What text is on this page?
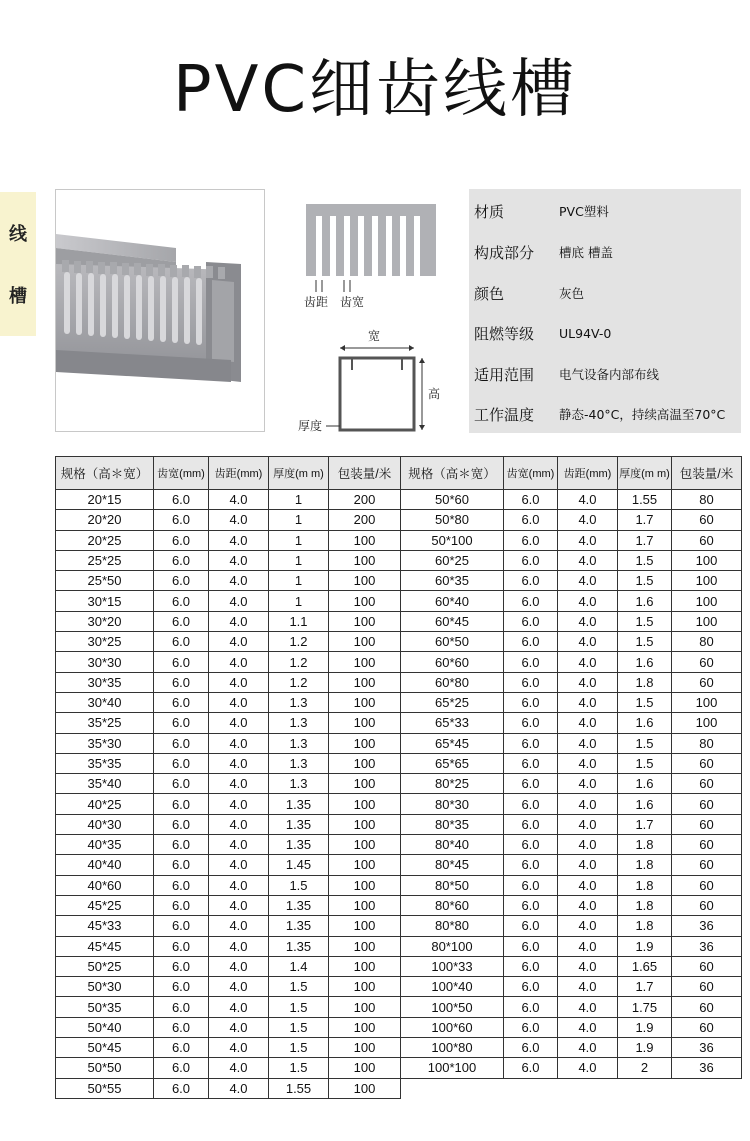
PVC细齿线槽
线
槽	齿距 齿宽
宽
高
厚度
材质	PVC塑料
构成部分	槽底 槽盖
颜色	灰色
阻燃等级	UL94V-0
适用范围	电气设备内部布线
工作温度	静态-40°C，持续高温至70°C
规格（高＊宽）	齿宽(mm)	齿距(mm)	厚度(m m)	包装量/米	规格（高＊宽）	齿宽(mm)	齿距(mm)	厚度(m m)	包装量/米
20*15	6.0	4.0	1	200	50*60	6.0	4.0	1.55	80
20*20	6.0	4.0	1	200	50*80	6.0	4.0	1.7	60
20*25	6.0	4.0	1	100	50*100	6.0	4.0	1.7	60
25*25	6.0	4.0	1	100	60*25	6.0	4.0	1.5	100
25*50	6.0	4.0	1	100	60*35	6.0	4.0	1.5	100
30*15	6.0	4.0	1	100	60*40	6.0	4.0	1.6	100
30*20	6.0	4.0	1.1	100	60*45	6.0	4.0	1.5	100
30*25	6.0	4.0	1.2	100	60*50	6.0	4.0	1.5	80
30*30	6.0	4.0	1.2	100	60*60	6.0	4.0	1.6	60
30*35	6.0	4.0	1.2	100	60*80	6.0	4.0	1.8	60
30*40	6.0	4.0	1.3	100	65*25	6.0	4.0	1.5	100
35*25	6.0	4.0	1.3	100	65*33	6.0	4.0	1.6	100
35*30	6.0	4.0	1.3	100	65*45	6.0	4.0	1.5	80
35*35	6.0	4.0	1.3	100	65*65	6.0	4.0	1.5	60
35*40	6.0	4.0	1.3	100	80*25	6.0	4.0	1.6	60
40*25	6.0	4.0	1.35	100	80*30	6.0	4.0	1.6	60
40*30	6.0	4.0	1.35	100	80*35	6.0	4.0	1.7	60
40*35	6.0	4.0	1.35	100	80*40	6.0	4.0	1.8	60
40*40	6.0	4.0	1.45	100	80*45	6.0	4.0	1.8	60
40*60	6.0	4.0	1.5	100	80*50	6.0	4.0	1.8	60
45*25	6.0	4.0	1.35	100	80*60	6.0	4.0	1.8	60
45*33	6.0	4.0	1.35	100	80*80	6.0	4.0	1.8	36
45*45	6.0	4.0	1.35	100	80*100	6.0	4.0	1.9	36
50*25	6.0	4.0	1.4	100	100*33	6.0	4.0	1.65	60
50*30	6.0	4.0	1.5	100	100*40	6.0	4.0	1.7	60
50*35	6.0	4.0	1.5	100	100*50	6.0	4.0	1.75	60
50*40	6.0	4.0	1.5	100	100*60	6.0	4.0	1.9	60
50*45	6.0	4.0	1.5	100	100*80	6.0	4.0	1.9	36
50*50	6.0	4.0	1.5	100	100*100	6.0	4.0	2	36
50*55	6.0	4.0	1.55	100					
